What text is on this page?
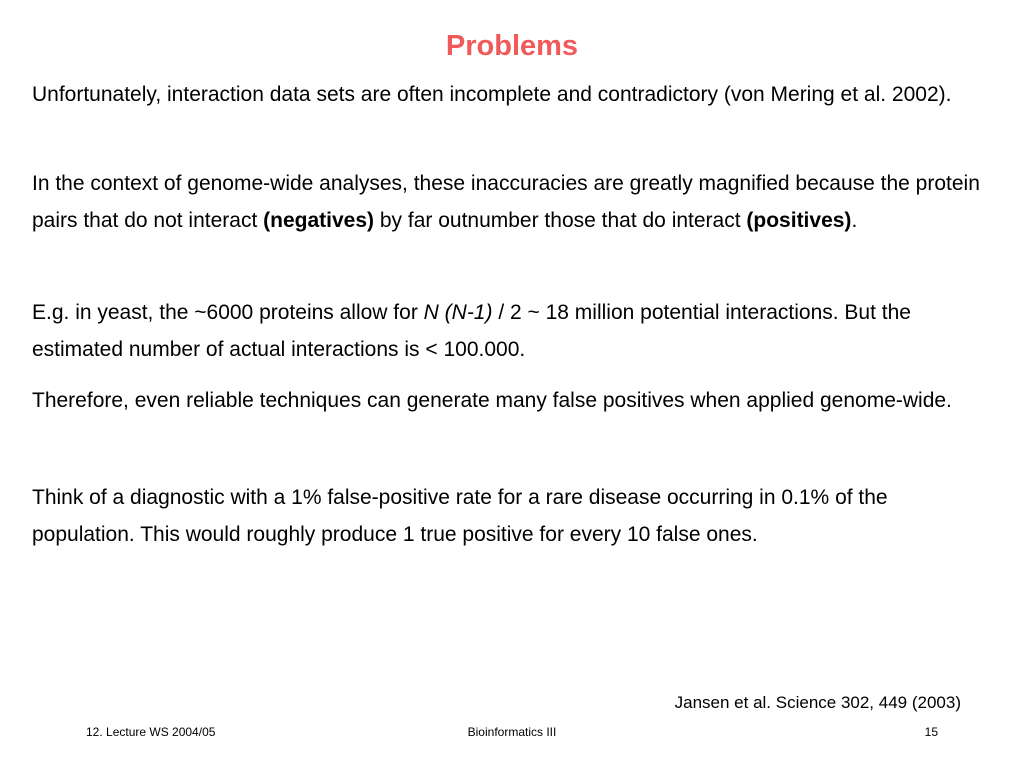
Problems

Unfortunately, interaction data sets are often incomplete and contradictory (von Mering et al. 2002).

In the context of genome-wide analyses, these inaccuracies are greatly magnified because the protein pairs that do not interact (negatives) by far outnumber those that do interact (positives).

E.g. in yeast, the ~6000 proteins allow for N (N-1) / 2 ~ 18 million potential interactions. But the estimated number of actual interactions is < 100.000.

Therefore, even reliable techniques can generate many false positives when applied genome-wide.

Think of a diagnostic with a 1% false-positive rate for a rare disease occurring in 0.1% of the population. This would roughly produce 1 true positive for every 10 false ones.

Jansen et al. Science 302, 449 (2003)

12. Lecture WS 2004/05	Bioinformatics III	15
